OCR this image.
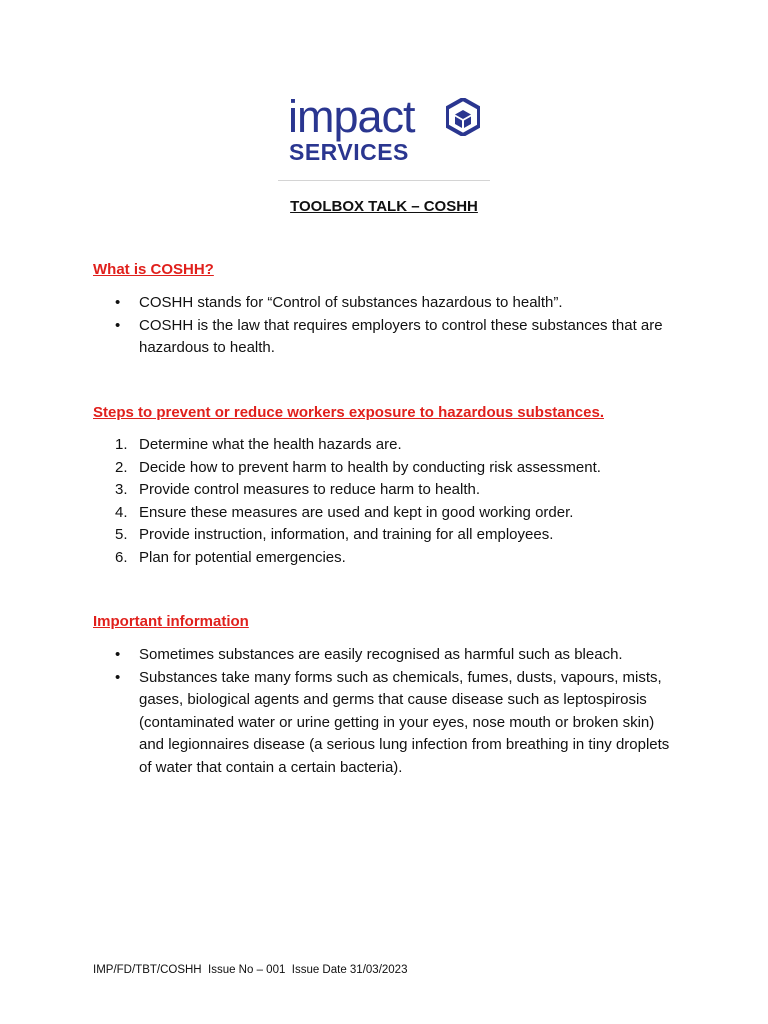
impact
SERVICES
TOOLBOX TALK – COSHH
What is COSHH?
• COSHH stands for “Control of substances hazardous to health”.
• COSHH is the law that requires employers to control these substances that are hazardous to health.
Steps to prevent or reduce workers exposure to hazardous substances.
1. Determine what the health hazards are.
2. Decide how to prevent harm to health by conducting risk assessment.
3. Provide control measures to reduce harm to health.
4. Ensure these measures are used and kept in good working order.
5. Provide instruction, information, and training for all employees.
6. Plan for potential emergencies.
Important information
• Sometimes substances are easily recognised as harmful such as bleach.
• Substances take many forms such as chemicals, fumes, dusts, vapours, mists, gases, biological agents and germs that cause disease such as leptospirosis (contaminated water or urine getting in your eyes, nose mouth or broken skin) and legionnaires disease (a serious lung infection from breathing in tiny droplets of water that contain a certain bacteria).
IMP/FD/TBT/COSHH  Issue No – 001  Issue Date 31/03/2023
